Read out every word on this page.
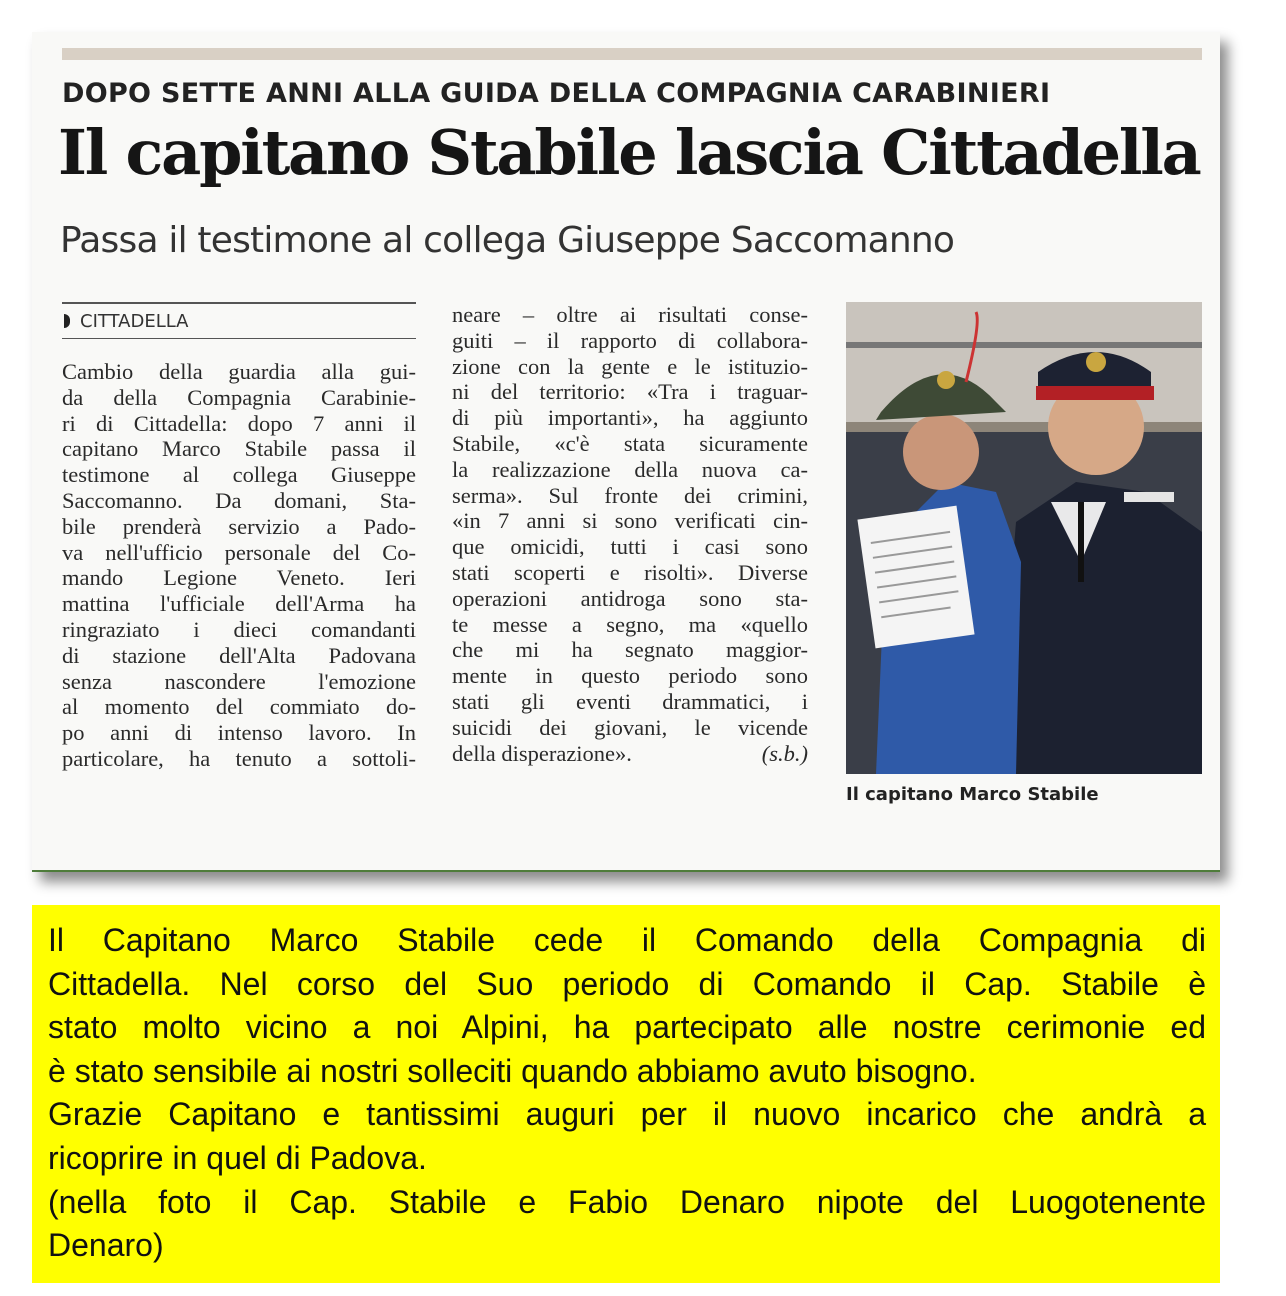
DOPO SETTE ANNI ALLA GUIDA DELLA COMPAGNIA CARABINIERI
Il capitano Stabile lascia Cittadella
Passa il testimone al collega Giuseppe Saccomanno
CITTADELLA
Cambio della guardia alla gui-
da della Compagnia Carabinie-
ri di Cittadella: dopo 7 anni il
capitano Marco Stabile passa il
testimone al collega Giuseppe
Saccomanno. Da domani, Sta-
bile prenderà servizio a Pado-
va nell'ufficio personale del Co-
mando Legione Veneto. Ieri
mattina l'ufficiale dell'Arma ha
ringraziato i dieci comandanti
di stazione dell'Alta Padovana
senza nascondere l'emozione
al momento del commiato do-
po anni di intenso lavoro. In
particolare, ha tenuto a sottoli-
neare – oltre ai risultati conse-
guiti – il rapporto di collabora-
zione con la gente e le istituzio-
ni del territorio: «Tra i traguar-
di più importanti», ha aggiunto
Stabile, «c'è stata sicuramente
la realizzazione della nuova ca-
serma». Sul fronte dei crimini,
«in 7 anni si sono verificati cin-
que omicidi, tutti i casi sono
stati scoperti e risolti». Diverse
operazioni antidroga sono sta-
te messe a segno, ma «quello
che mi ha segnato maggior-
mente in questo periodo sono
stati gli eventi drammatici, i
suicidi dei giovani, le vicende
della disperazione».	(s.b.)
Il capitano Marco Stabile
Il Capitano Marco Stabile cede il Comando della Compagnia di
Cittadella. Nel corso del Suo periodo di Comando il Cap. Stabile è
stato molto vicino a noi Alpini, ha partecipato alle nostre cerimonie ed
è stato sensibile ai nostri solleciti quando abbiamo avuto bisogno.
Grazie Capitano e tantissimi auguri per il nuovo incarico che andrà a
ricoprire in quel di Padova.
(nella foto il Cap. Stabile e Fabio Denaro nipote del Luogotenente
Denaro)
